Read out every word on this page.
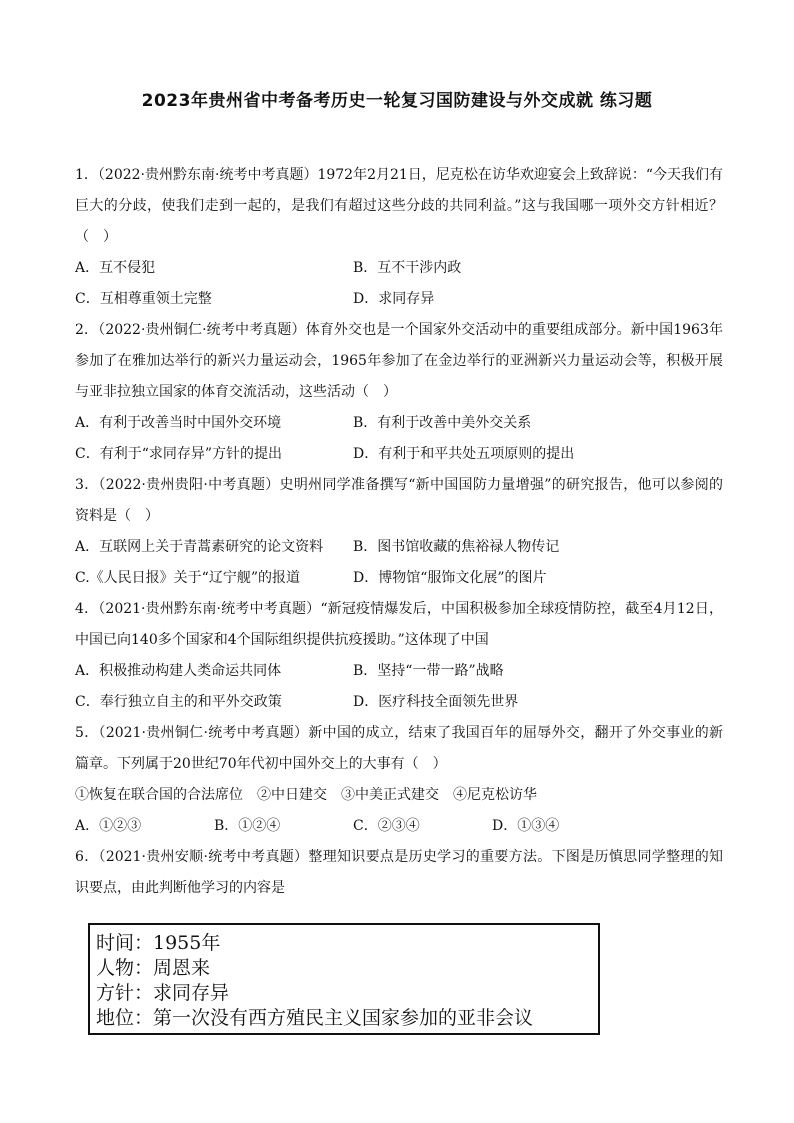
2023年贵州省中考备考历史一轮复习国防建设与外交成就 练习题

1．（2022·贵州黔东南·统考中考真题）1972年2月21日，尼克松在访华欢迎宴会上致辞说：“今天我们有巨大的分歧，使我们走到一起的，是我们有超过这些分歧的共同利益。”这与我国哪一项外交方针相近？（　）

A．互不侵犯	B．互不干涉内政
C．互相尊重领土完整	D．求同存异

2．（2022·贵州铜仁·统考中考真题）体育外交也是一个国家外交活动中的重要组成部分。新中国1963年参加了在雅加达举行的新兴力量运动会，1965年参加了在金边举行的亚洲新兴力量运动会等，积极开展与亚非拉独立国家的体育交流活动，这些活动（　）

A．有利于改善当时中国外交环境	B．有利于改善中美外交关系
C．有利于“求同存异”方针的提出	D．有利于和平共处五项原则的提出

3．（2022·贵州贵阳·中考真题）史明州同学准备撰写“新中国国防力量增强”的研究报告，他可以参阅的资料是（　）

A．互联网上关于青蒿素研究的论文资料	B．图书馆收藏的焦裕禄人物传记
C.《人民日报》关于“辽宁舰”的报道	D．博物馆“服饰文化展”的图片

4．（2021·贵州黔东南·统考中考真题）“新冠疫情爆发后，中国积极参加全球疫情防控，截至4月12日，中国已向140多个国家和4个国际组织提供抗疫援助。”这体现了中国

A．积极推动构建人类命运共同体	B．坚持“一带一路”战略
C．奉行独立自主的和平外交政策	D．医疗科技全面领先世界

5．（2021·贵州铜仁·统考中考真题）新中国的成立，结束了我国百年的屈辱外交，翻开了外交事业的新篇章。下列属于20世纪70年代初中国外交上的大事有（　）

①恢复在联合国的合法席位　②中日建交　③中美正式建交　④尼克松访华
A．①②③	B．①②④	C．②③④	D．①③④

6．（2021·贵州安顺·统考中考真题）整理知识要点是历史学习的重要方法。下图是历慎思同学整理的知识要点，由此判断他学习的内容是

时间：1955年
人物：周恩来
方针：求同存异
地位：第一次没有西方殖民主义国家参加的亚非会议
